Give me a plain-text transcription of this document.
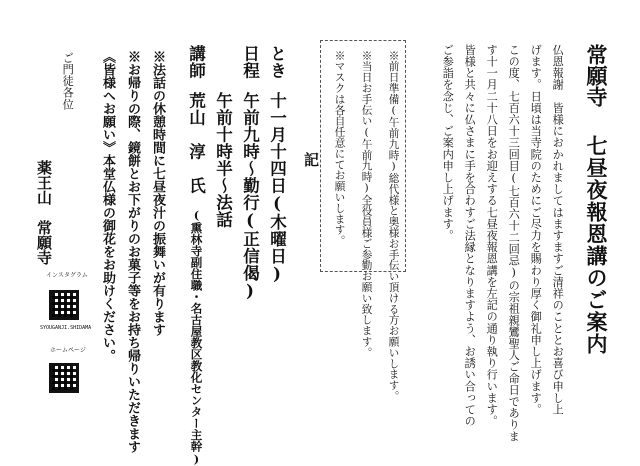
常願寺
七昼夜報恩講のご案内
仏恩報謝　皆様におかれましてはますますご清祥のこととお喜び申し上
げます。日頃は当寺院のためにご尽力を賜わり厚く御礼申し上げます。
この度、七百六十三回目(七百六十二回忌)の宗祖親鸞聖人ご命日でありま
す十一月二十八日をお迎えする七昼夜報恩講を左記の通り執り行います。
皆様と共々に仏さまに手を合わすご法縁となりますよう、お誘い合っての
ご参詣を念じ、ご案内申し上げます。
※前日準備(午前九時)総代様と奥様お手伝い頂ける方お願いします。
※当日お手伝い(午前九時)全役員様ご参勤お願い致します。
※マスクは各自任意にてお願いします。
記
とき
十一月十四日(木曜日)
日程
午前九時～勤行(正信偈)
午前十時半～法話
講師
荒山　淳　氏
(熏林寺副住職・名古屋教区教化センター主幹)
※法話の休憩時間に七昼夜汁の振舞いが有ります
※お帰りの際、鏡餅とお下がりのお菓子等をお持ち帰りいただきます
《皆様へお願い》本堂仏様の御花をお助けください。
ご門徒各位
薬王山　常願寺
インスタグラム
SYOUGANJI.SHIDAMA
ホームページ
